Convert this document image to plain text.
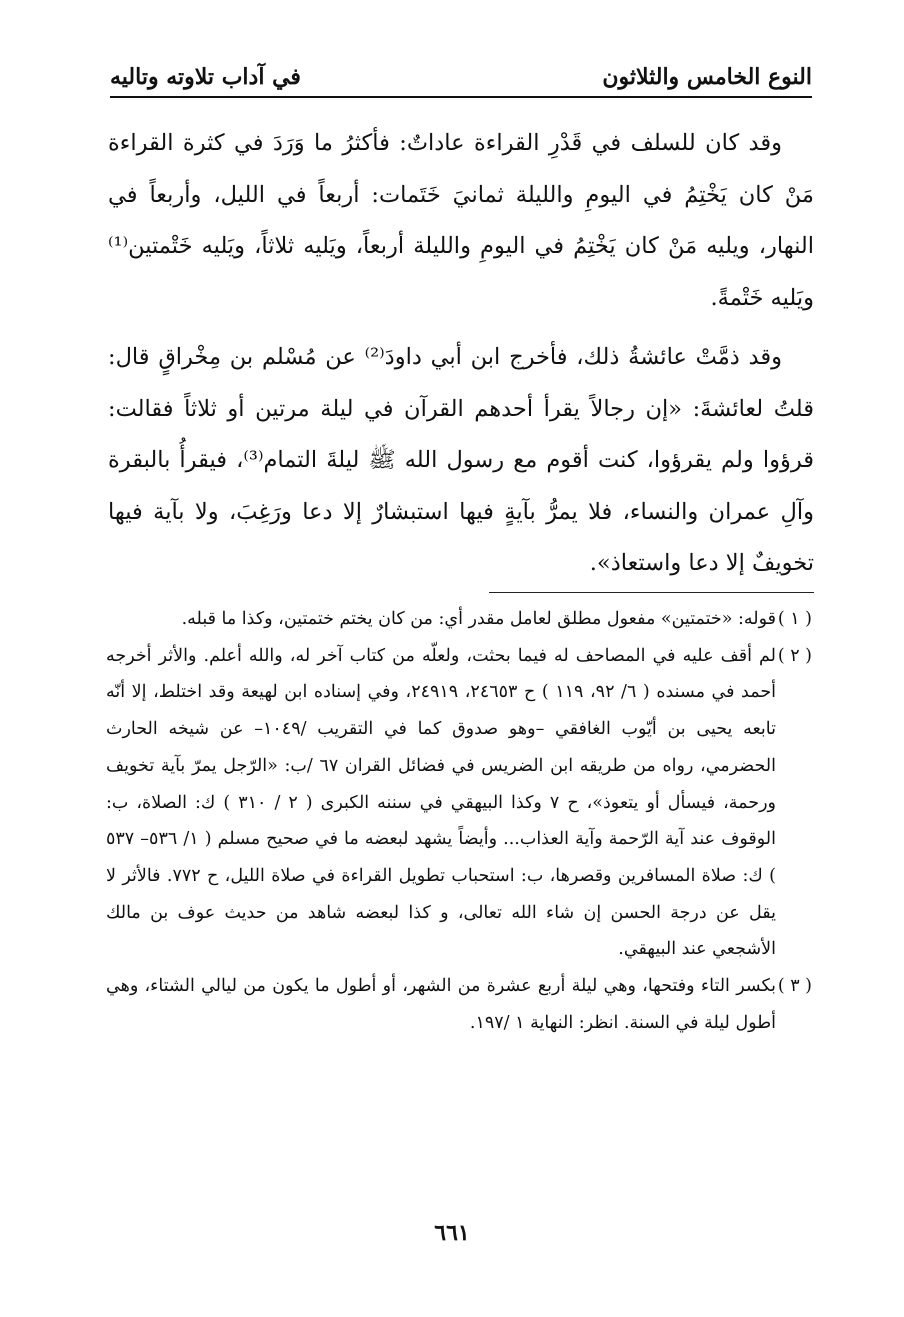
النوع الخامس والثلاثون
في آداب تلاوته وتاليه

وقد كان للسلف في قَدْرِ القراءة عاداتٌ: فأكثرُ ما وَرَدَ في كثرة القراءة مَنْ كان يَخْتِمُ في اليومِ والليلة ثمانيَ خَتَمات: أربعاً في الليل، وأربعاً في النهار، ويليه مَنْ كان يَخْتِمُ في اليومِ والليلة أربعاً، ويَليه ثلاثاً، ويَليه خَتْمتين⁽¹⁾ ويَليه خَتْمةً.

وقد ذمَّتْ عائشةُ ذلك، فأخرج ابن أبي داودَ⁽²⁾ عن مُسْلم بن مِخْراقٍ قال: قلتُ لعائشةَ: «إن رجالاً يقرأ أحدهم القرآن في ليلة مرتين أو ثلاثاً فقالت: قرؤوا ولم يقرؤوا، كنت أقوم مع رسول الله ﷺ ليلةَ التمام⁽³⁾، فيقرأُ بالبقرة وآلِ عمران والنساء، فلا يمرُّ بآيةٍ فيها استبشارٌ إلا دعا ورَغِبَ، ولا بآية فيها تخويفٌ إلا دعا واستعاذ».

( ١ )
قوله: «ختمتين» مفعول مطلق لعامل مقدر أي: من كان يختم ختمتين، وكذا ما قبله.
( ٢ )
لم أقف عليه في المصاحف له فيما بحثت، ولعلّه من كتاب آخر له، والله أعلم. والأثر أخرجه أحمد في مسنده ( ٦/ ٩٢، ١١٩ ) ح ٢٤٦٥٣، ٢٤٩١٩، وفي إسناده ابن لهيعة وقد اختلط، إلا أنّه تابعه يحيى بن أيّوب الغافقي –وهو صدوق كما في التقريب /١٠٤٩– عن شيخه الحارث الحضرمي، رواه من طريقه ابن الضريس في فضائل القران ٦٧ /ب: «الرّجل يمرّ بآية تخويف ورحمة، فيسأل أو يتعوذ»، ح ٧ وكذا البيهقي في سننه الكبرى ( ٢ / ٣١٠ ) ك: الصلاة، ب: الوقوف عند آية الرّحمة وآية العذاب... وأيضاً يشهد لبعضه ما في صحيح مسلم ( ١/ ٥٣٦– ٥٣٧ ) ك: صلاة المسافرين وقصرها، ب: استحباب تطويل القراءة في صلاة الليل، ح ٧٧٢. فالأثر لا يقل عن درجة الحسن إن شاء الله تعالى، و كذا لبعضه شاهد من حديث عوف بن مالك الأشجعي عند البيهقي.
( ٣ )
بكسر التاء وفتحها، وهي ليلة أربع عشرة من الشهر، أو أطول ما يكون من ليالي الشتاء، وهي أطول ليلة في السنة. انظر: النهاية ١ /١٩٧.
٦٦١
